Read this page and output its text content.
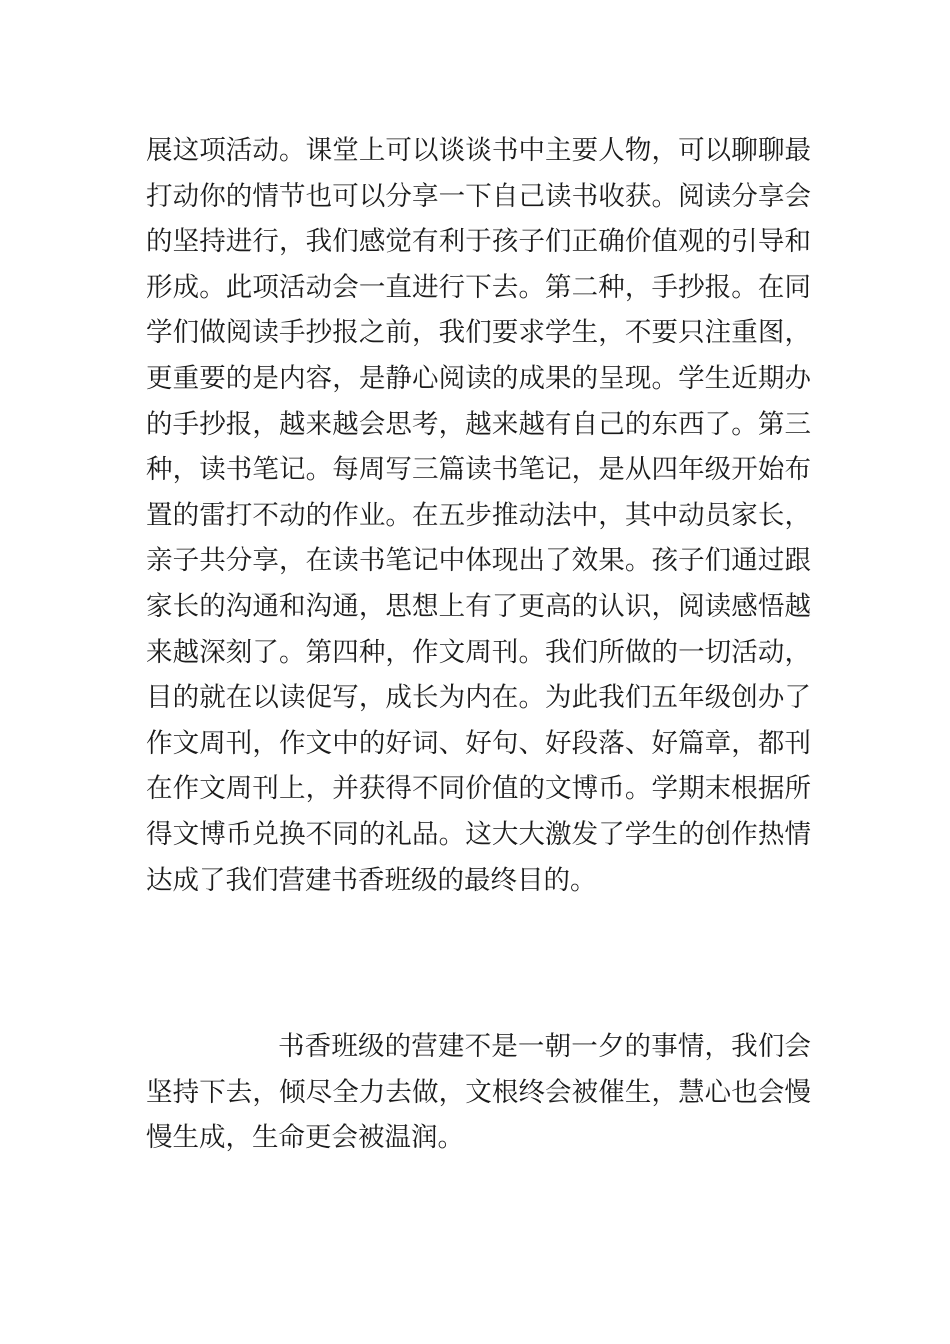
展这项活动。课堂上可以谈谈书中主要人物，可以聊聊最
打动你的情节也可以分享一下自己读书收获。阅读分享会
的坚持进行，我们感觉有利于孩子们正确价值观的引导和
形成。此项活动会一直进行下去。第二种，手抄报。在同
学们做阅读手抄报之前，我们要求学生，不要只注重图，
更重要的是内容，是静心阅读的成果的呈现。学生近期办
的手抄报，越来越会思考，越来越有自己的东西了。第三
种，读书笔记。每周写三篇读书笔记，是从四年级开始布
置的雷打不动的作业。在五步推动法中，其中动员家长，
亲子共分享，在读书笔记中体现出了效果。孩子们通过跟
家长的沟通和沟通，思想上有了更高的认识，阅读感悟越
来越深刻了。第四种，作文周刊。我们所做的一切活动，
目的就在以读促写，成长为内在。为此我们五年级创办了
作文周刊，作文中的好词、好句、好段落、好篇章，都刊
在作文周刊上，并获得不同价值的文博币。学期末根据所
得文博币兑换不同的礼品。这大大激发了学生的创作热情
达成了我们营建书香班级的最终目的。
书香班级的营建不是一朝一夕的事情，我们会
坚持下去，倾尽全力去做，文根终会被催生，慧心也会慢
慢生成，生命更会被温润。
